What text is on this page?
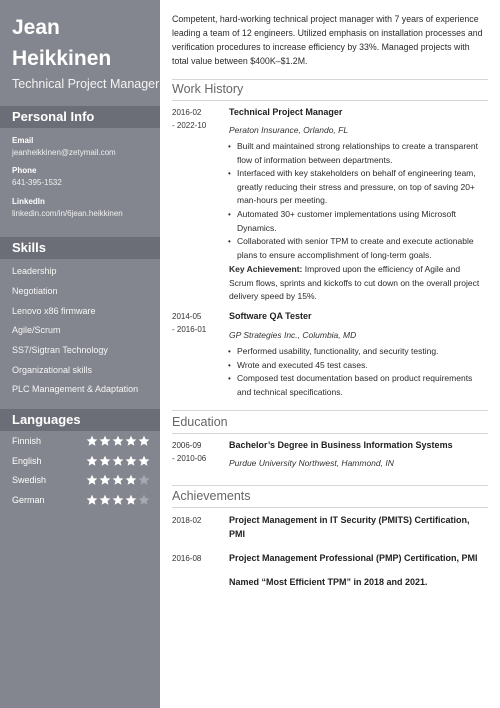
Jean
Heikkinen
Technical Project Manager
Personal Info
Email
jeanheikkinen@zetymail.com
Phone
641-395-1532
LinkedIn
linkedin.com/in/6jean.heikkinen
Skills
Leadership
Negotiation
Lenovo x86 firmware
Agile/Scrum
SS7/Sigtran Technology
Organizational skills
PLC Management & Adaptation
Languages
Finnish
English
Swedish
German
Competent, hard-working technical project manager with 7 years of experience leading a team of 12 engineers. Utilized emphasis on installation processes and verification procedures to increase efficiency by 33%. Managed projects with total value between $400K–$1.2M.
Work History
2016-02
- 2022-10
Technical Project Manager
Peraton Insurance, Orlando, FL
• Built and maintained strong relationships to create a transparent flow of information between departments.
• Interfaced with key stakeholders on behalf of engineering team, greatly reducing their stress and pressure, on top of saving 20+ man-hours per meeting.
• Automated 30+ customer implementations using Microsoft Dynamics.
• Collaborated with senior TPM to create and execute actionable plans to ensure accomplishment of long-term goals.
Key Achievement: Improved upon the efficiency of Agile and Scrum flows, sprints and kickoffs to cut down on the overall project delivery speed by 15%.
2014-05
- 2016-01
Software QA Tester
GP Strategies Inc., Columbia, MD
• Performed usability, functionality, and security testing.
• Wrote and executed 45 test cases.
• Composed test documentation based on product requirements and technical specifications.
Education
2006-09
- 2010-06
Bachelor’s Degree in Business Information Systems
Purdue University Northwest, Hammond, IN
Achievements
2018-02	Project Management in IT Security (PMITS) Certification, PMI
2016-08	Project Management Professional (PMP) Certification, PMI
Named “Most Efficient TPM” in 2018 and 2021.
